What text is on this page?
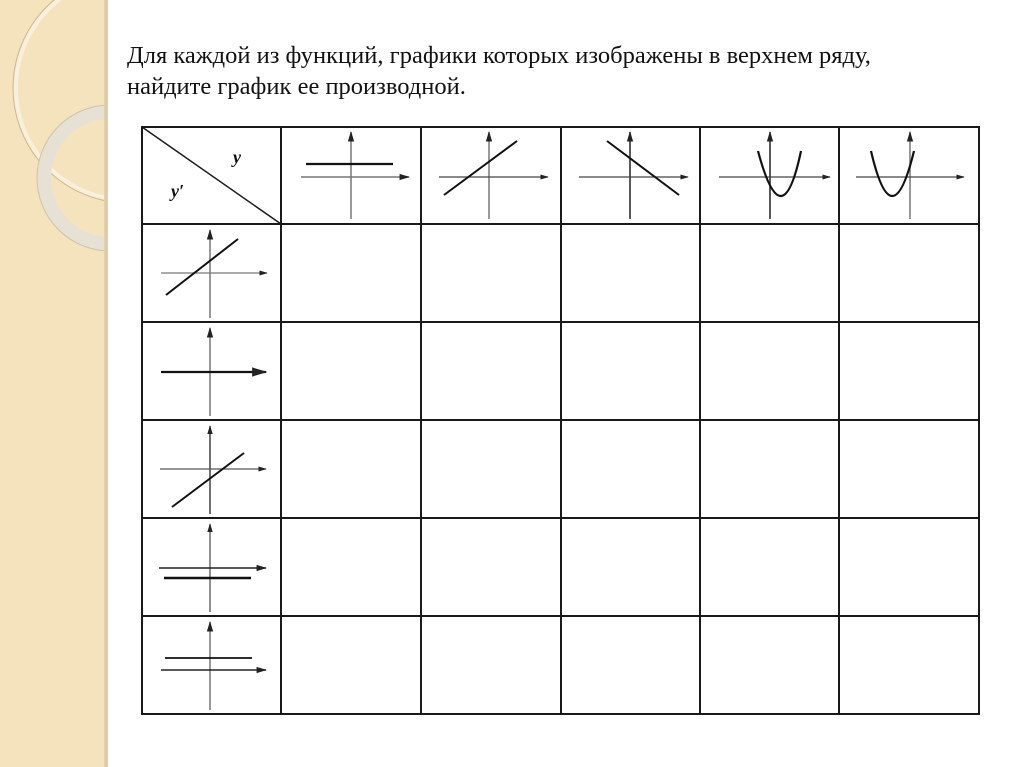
Для каждой из функций, графики которых изображены в верхнем ряду,
найдите график ее производной.
y
y′
